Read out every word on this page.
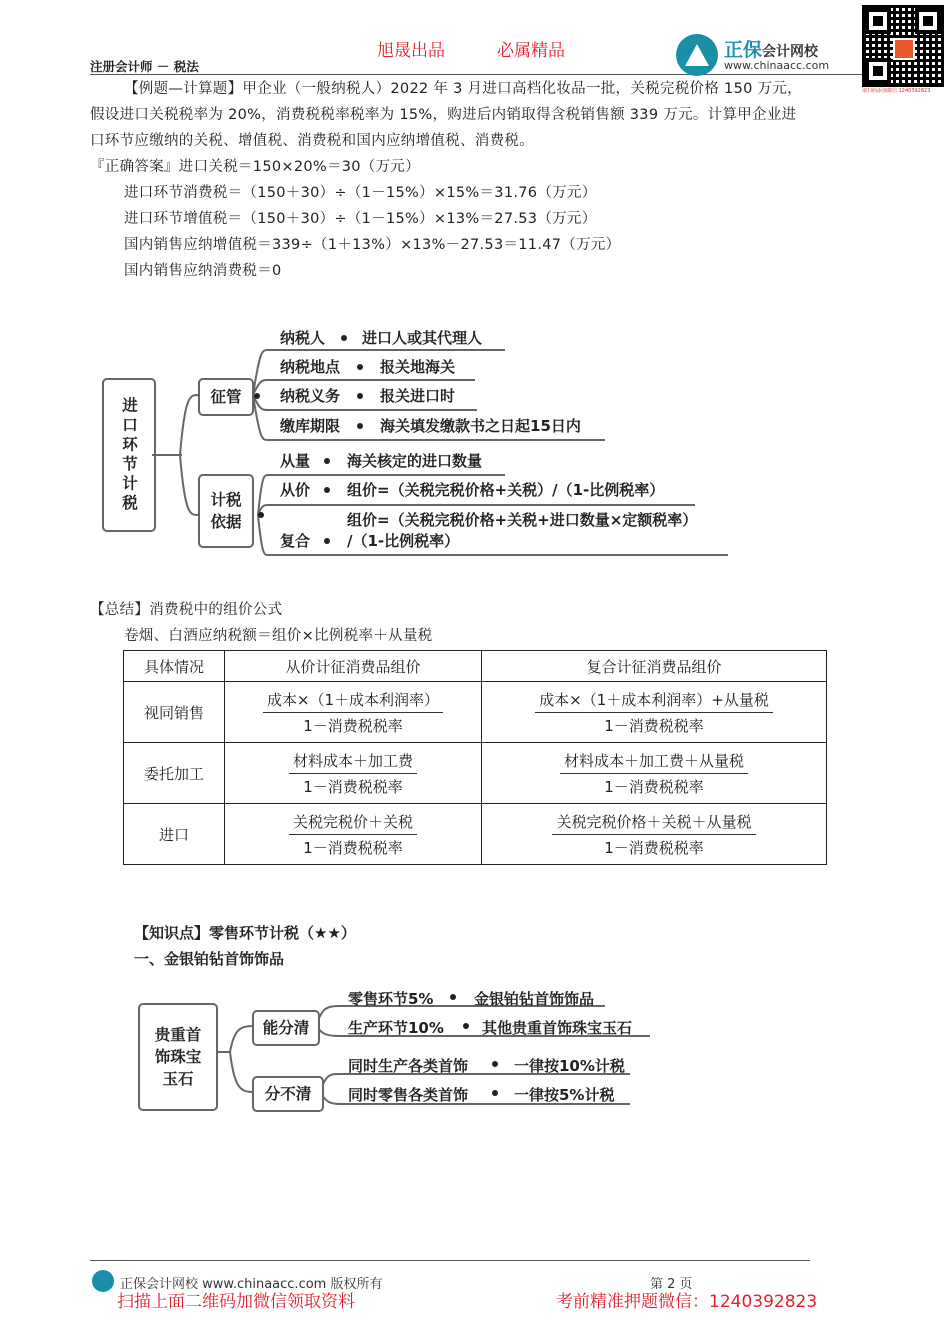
旭晟出品	必属精品
注册会计师 － 税法
正保会计网校
www.chinaacc.com
请扫码添加微信 1240392823
【例题—计算题】甲企业（一般纳税人）2022 年 3 月进口高档化妆品一批，关税完税价格 150 万元，
假设进口关税税率为 20%，消费税税率税率为 15%，购进后内销取得含税销售额 339 万元。计算甲企业进
口环节应缴纳的关税、增值税、消费税和国内应纳增值税、消费税。
『正确答案』进口关税＝150×20%＝30（万元）
进口环节消费税＝（150＋30）÷（1－15%）×15%＝31.76（万元）
进口环节增值税＝（150＋30）÷（1－15%）×13%＝27.53（万元）
国内销售应纳增值税＝339÷（1＋13%）×13%－27.53＝11.47（万元）
国内销售应纳消费税＝0
进口环节计税	征管
计税依据
纳税人 进口人或其代理人
纳税地点	报关地海关
纳税义务	报关进口时
缴库期限	海关填发缴款书之日起15日内
从量 海关核定的进口数量
从价 组价=（关税完税价格+关税）/（1-比例税率）
复合
组价=（关税完税价格+关税+进口数量×定额税率）
/（1-比例税率）
【总结】消费税中的组价公式
卷烟、白酒应纳税额＝组价×比例税率＋从量税
具体情况	从价计征消费品组价	复合计征消费品组价
视同销售	$\frac{\text{成本×（1＋成本利润率）}}{\text{1－消费税税率}}$	$\frac{\text{成本×（1＋成本利润率）+从量税}}{\text{1－消费税税率}}$

委托加工	$\frac{\text{材料成本＋加工费}}{\text{1－消费税税率}}$	$\frac{\text{材料成本＋加工费＋从量税}}{\text{1－消费税税率}}$

进口	$\frac{\text{关税完税价＋关税}}{\text{1－消费税税率}}$	$\frac{\text{关税完税价格＋关税＋从量税}}{\text{1－消费税税率}}$
【知识点】零售环节计税（★★）
一、金银铂钻首饰饰品
贵重首饰珠宝玉石
能分清
分不清
零售环节5%	金银铂钻首饰饰品
生产环节10%	其他贵重首饰珠宝玉石
同时生产各类首饰	一律按10%计税
同时零售各类首饰	一律按5%计税
正保会计网校 www.chinaacc.com 版权所有	第 2 页
扫描上面二维码加微信领取资料	考前精准押题微信：1240392823
